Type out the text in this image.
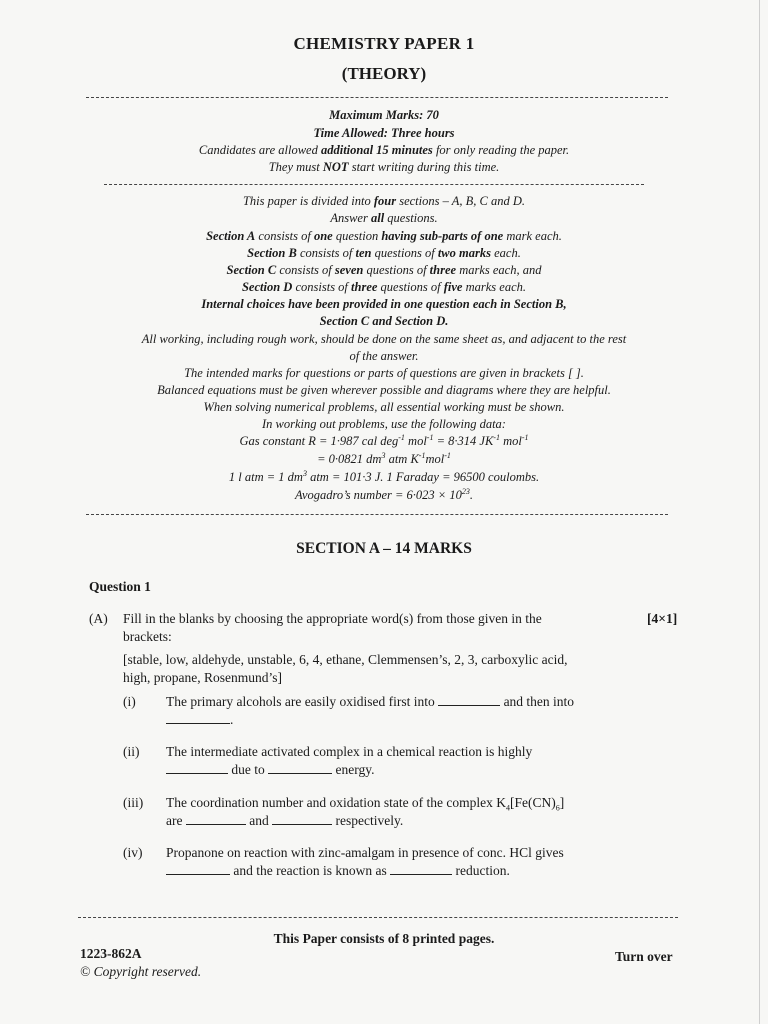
CHEMISTRY PAPER 1
(THEORY)
Maximum Marks: 70
Time Allowed: Three hours
Candidates are allowed additional 15 minutes for only reading the paper.
They must NOT start writing during this time.
This paper is divided into four sections – A, B, C and D.
Answer all questions.
Section A consists of one question having sub-parts of one mark each.
Section B consists of ten questions of two marks each.
Section C consists of seven questions of three marks each, and
Section D consists of three questions of five marks each.
Internal choices have been provided in one question each in Section B,
Section C and Section D.
All working, including rough work, should be done on the same sheet as, and adjacent to the rest
of the answer.
The intended marks for questions or parts of questions are given in brackets [ ].
Balanced equations must be given wherever possible and diagrams where they are helpful.
When solving numerical problems, all essential working must be shown.
In working out problems, use the following data:
Gas constant R = 1·987 cal deg$^{-1}$ mol$^{-1}$ = 8·314 $JK^{-1}$ mol$^{-1}$
= 0·0821 $dm^3$ atm $K^{-1}mol^{-1}$
1 l atm = 1 $dm^3$ atm = 101·3 J. 1 Faraday = 96500 coulombs.
Avogadro’s number = $6\cdot 023 \times 10^{23}$.
SECTION A – 14 MARKS
Question 1
(A) Fill in the blanks by choosing the appropriate word(s) from those given in the	[4×1]
brackets:
[stable, low, aldehyde, unstable, 6, 4, ethane, Clemmensen’s, 2, 3, carboxylic acid,
high, propane, Rosenmund’s]
(i) The primary alcohols are easily oxidised first into	and then into
.
(ii) The intermediate activated complex in a chemical reaction is highly
due to	energy.
(iii) The coordination number and oxidation state of the complex $K_4[Fe(CN)_6]$
are	and	respectively.
(iv) Propanone on reaction with zinc-amalgam in presence of conc. HCl gives
and the reaction is known as	reduction.
This Paper consists of 8 printed pages.
1223-862A	Turn over
© Copyright reserved.
